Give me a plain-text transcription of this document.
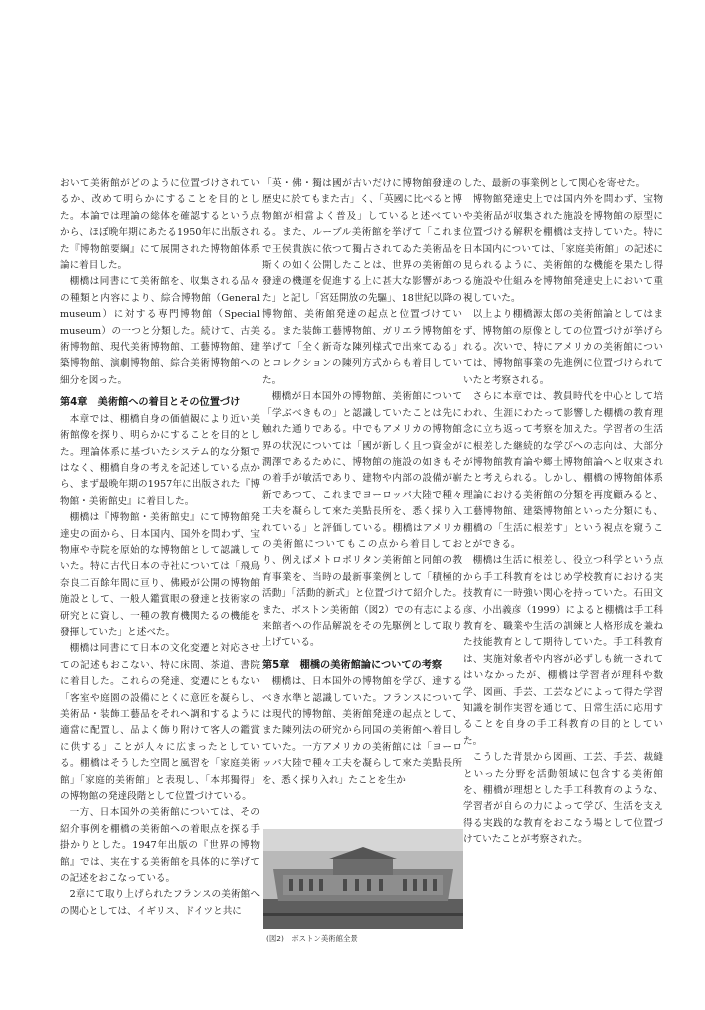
おいて美術館がどのように位置づけされているか、改めて明らかにすることを目的とした。本論では理論の総体を確認するという点から、ほぼ晩年期にあたる1950年に出版された『博物館要綱』にて展開された博物館体系論に着目した。

棚橋は同書にて美術館を、収集される品々の種類と内容により、綜合博物館（General museum）に対する専門博物館（Special museum）の一つと分類した。続けて、古美術博物館、現代美術博物館、工藝博物館、建築博物館、演劇博物館、綜合美術博物館への細分を図った。

第4章　美術館への着目とその位置づけ

本章では、棚橋自身の価値観により近い美術館像を探り、明らかにすることを目的とした。理論体系に基づいたシステム的な分類ではなく、棚橋自身の考えを記述している点から、まず最晩年期の1957年に出版された『博物館・美術館史』に着目した。

棚橋は『博物館・美術館史』にて博物館発達史の面から、日本国内、国外を問わず、宝物庫や寺院を原始的な博物館として認識していた。特に古代日本の寺社については「飛鳥奈良二百餘年間に亘り、佛殿が公開の博物館施設として、一般人鑑賞眼の發達と技術家の研究とに資し、一種の教育機関たるの機能を發揮していた」と述べた。

棚橋は同書にて日本の文化変遷と対応させての記述もおこない、特に床間、茶道、書院に着目した。これらの発達、変遷にともない「客室や庭園の設備にとくに意匠を凝らし、美術品・装飾工藝品をそれへ調和するように適當に配置し、品よく飾り附けて客人の鑑賞に供する」ことが人々に広まったとしている。棚橋はそうした空間と風習を「家庭美術館」「家庭的美術館」と表現し、「本邦獨得」の博物館の発達段階として位置づけている。

一方、日本国外の美術館については、その紹介事例を棚橋の美術館への着眼点を探る手掛かりとした。1947年出版の『世界の博物館』では、実在する美術館を具体的に挙げての記述をおこなっている。

2章にて取り上げられたフランスの美術館への関心としては、イギリス、ドイツと共に

「英・佛・獨は國が古いだけに博物館發達の歴史に於てもまた古」く、「英國に比べると博物館が相當よく普及」していると述べている。また、ルーブル美術館を挙げて「これまで王侯貴族に依つて獨占されてゐた美術品を斯くの如く公開したことは、世界の美術館の發達の機運を促進する上に甚大な影響があつた」と記し「宮廷開放の先驅」、18世紀以降の博物館、美術館発達の起点と位置づけている。また装飾工藝博物館、ガリエラ博物館を挙げて「全く新奇な陳列様式で出來てゐる」とコレクションの陳列方式からも着目していた。

棚橋が日本国外の博物館、美術館について「学ぶべきもの」と認識していたことは先に触れた通りである。中でもアメリカの博物館界の状況については「國が新しく且つ資金が潤澤であるために、博物館の施設の如きもその着手が敏活であり、建物や内部の設備が嶄新であつて、これまでヨーロッパ大陸で種々工夫を凝らして來た美點長所を、悉く採り入れている」と評価している。棚橋はアメリカの美術館についてもこの点から着目しており、例えばメトロポリタン美術館と同館の教育事業を、当時の最新事業例として「積極的活動」「活動的新式」と位置づけて紹介した。また、ボストン美術館（図2）での有志による来館者への作品解説をその先駆例として取り上げている。

第5章　棚橋の美術館論についての考察

棚橋は、日本国外の博物館を学び、達するべき水準と認識していた。フランスについては現代的博物館、美術館発達の起点として、また陳列法の研究から同国の美術館へ着目していた。一方アメリカの美術館には「ヨーロッパ大陸で種々工夫を凝らして來た美點長所を、悉く採り入れ」たことを生か

(図2)　ボストン美術館全景

した、最新の事業例として関心を寄せた。

博物館発達史上では国内外を問わず、宝物や美術品が収集された施設を博物館の原型に位置づける解釈を棚橋は支持していた。特に日本国内については、「家庭美術館」の記述に見られるように、美術館的な機能を果たし得る施設や仕組みを博物館発達史上において重視していた。

以上より棚橋源太郎の美術館論としてはまず、博物館の原像としての位置づけが挙げられる。次いで、特にアメリカの美術館については、博物館事業の先進例に位置づけられていたと考察される。

さらに本章では、教員時代を中心として培われ、生涯にわたって影響した棚橋の教育理念に立ち返って考察を加えた。学習者の生活に根差した継続的な学びへの志向は、大部分が博物館教育論や郷土博物館論へと収束されたと考えられる。しかし、棚橋の博物館体系理論における美術館の分類を再度顧みると、工藝博物館、建築博物館といった分類にも、棚橋の「生活に根差す」という視点を窺うことができる。

棚橋は生活に根差し、役立つ科学という点から手工科教育をはじめ学校教育における実技教育に一時強い関心を持っていた。石田文彦、小出義彦（1999）によると棚橋は手工科教育を、職業や生活の訓練と人格形成を兼ねた技能教育として期待していた。手工科教育は、実施対象者や内容が必ずしも統一されてはいなかったが、棚橋は学習者が理科や数学、図画、手芸、工芸などによって得た学習知識を制作実習を通じて、日常生活に応用することを自身の手工科教育の目的としていた。

こうした背景から図画、工芸、手芸、裁縫といった分野を活動領域に包含する美術館を、棚橋が理想とした手工科教育のような、学習者が自らの力によって学び、生活を支え得る実践的な教育をおこなう場として位置づけていたことが考察された。
